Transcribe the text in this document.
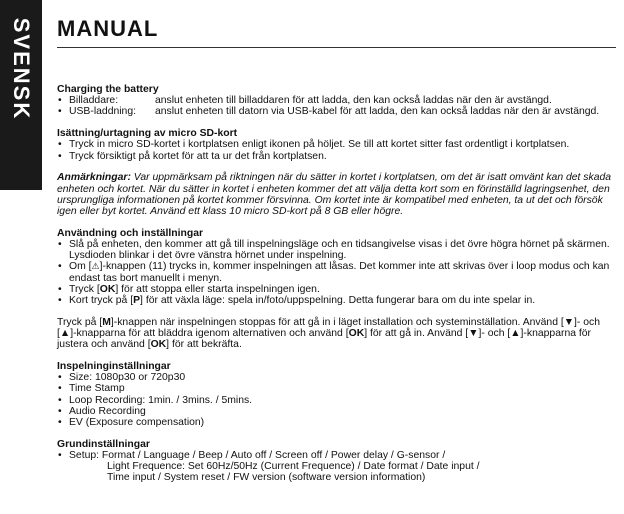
SVENSK MANUAL
Charging the battery
• Billaddare:	anslut enheten till billaddaren för att ladda, den kan också laddas när den är avstängd.
• USB-laddning:	anslut enheten till datorn via USB-kabel för att ladda, den kan också laddas när den är avstängd.
Isättning/urtagning av micro SD-kort
• Tryck in micro SD-kortet i kortplatsen enligt ikonen på höljet. Se till att kortet sitter fast ordentligt i kortplatsen.
• Tryck försiktigt på kortet för att ta ur det från kortplatsen.

Anmärkningar: Var uppmärksam på riktningen när du sätter in kortet i kortplatsen, om det är isatt omvänt kan det skada enheten och kortet. När du sätter in kortet i enheten kommer det att välja detta kort som en förinställd lagringsenhet, den ursprungliga informationen på kortet kommer försvinna. Om kortet inte är kompatibel med enheten, ta ut det och försök igen eller byt kortet. Använd ett klass 10 micro SD-kort på 8 GB eller högre.

Användning och inställningar
• Slå på enheten, den kommer att gå till inspelningsläge och en tidsangivelse visas i det övre högra hörnet på skärmen. Lysdioden blinkar i det övre vänstra hörnet under inspelning.
• Om [⚠]-knappen (11) trycks in, kommer inspelningen att låsas. Det kommer inte att skrivas över i loop modus och kan endast tas bort manuellt i menyn.
• Tryck [OK] för att stoppa eller starta inspelningen igen.
• Kort tryck på [P] för att växla läge: spela in/foto/uppspelning. Detta fungerar bara om du inte spelar in.

Tryck på [M]-knappen när inspelningen stoppas för att gå in i läget installation och systeminställation. Använd [▼]- och [▲]-knapparna för att bläddra igenom alternativen och använd [OK] för att gå in. Använd [▼]- och [▲]-knapparna för justera och använd [OK] för att bekräfta.

Inspelninginställningar
• Size: 1080p30 or 720p30
• Time Stamp
• Loop Recording: 1min. / 3mins. / 5mins.
• Audio Recording
• EV (Exposure compensation)
Grundinställningar
• Setup: Format / Language / Beep / Auto off / Screen off / Power delay / G-sensor /
Light Frequence: Set 60Hz/50Hz (Current Frequence) / Date format / Date input /
Time input / System reset / FW version (software version information)
